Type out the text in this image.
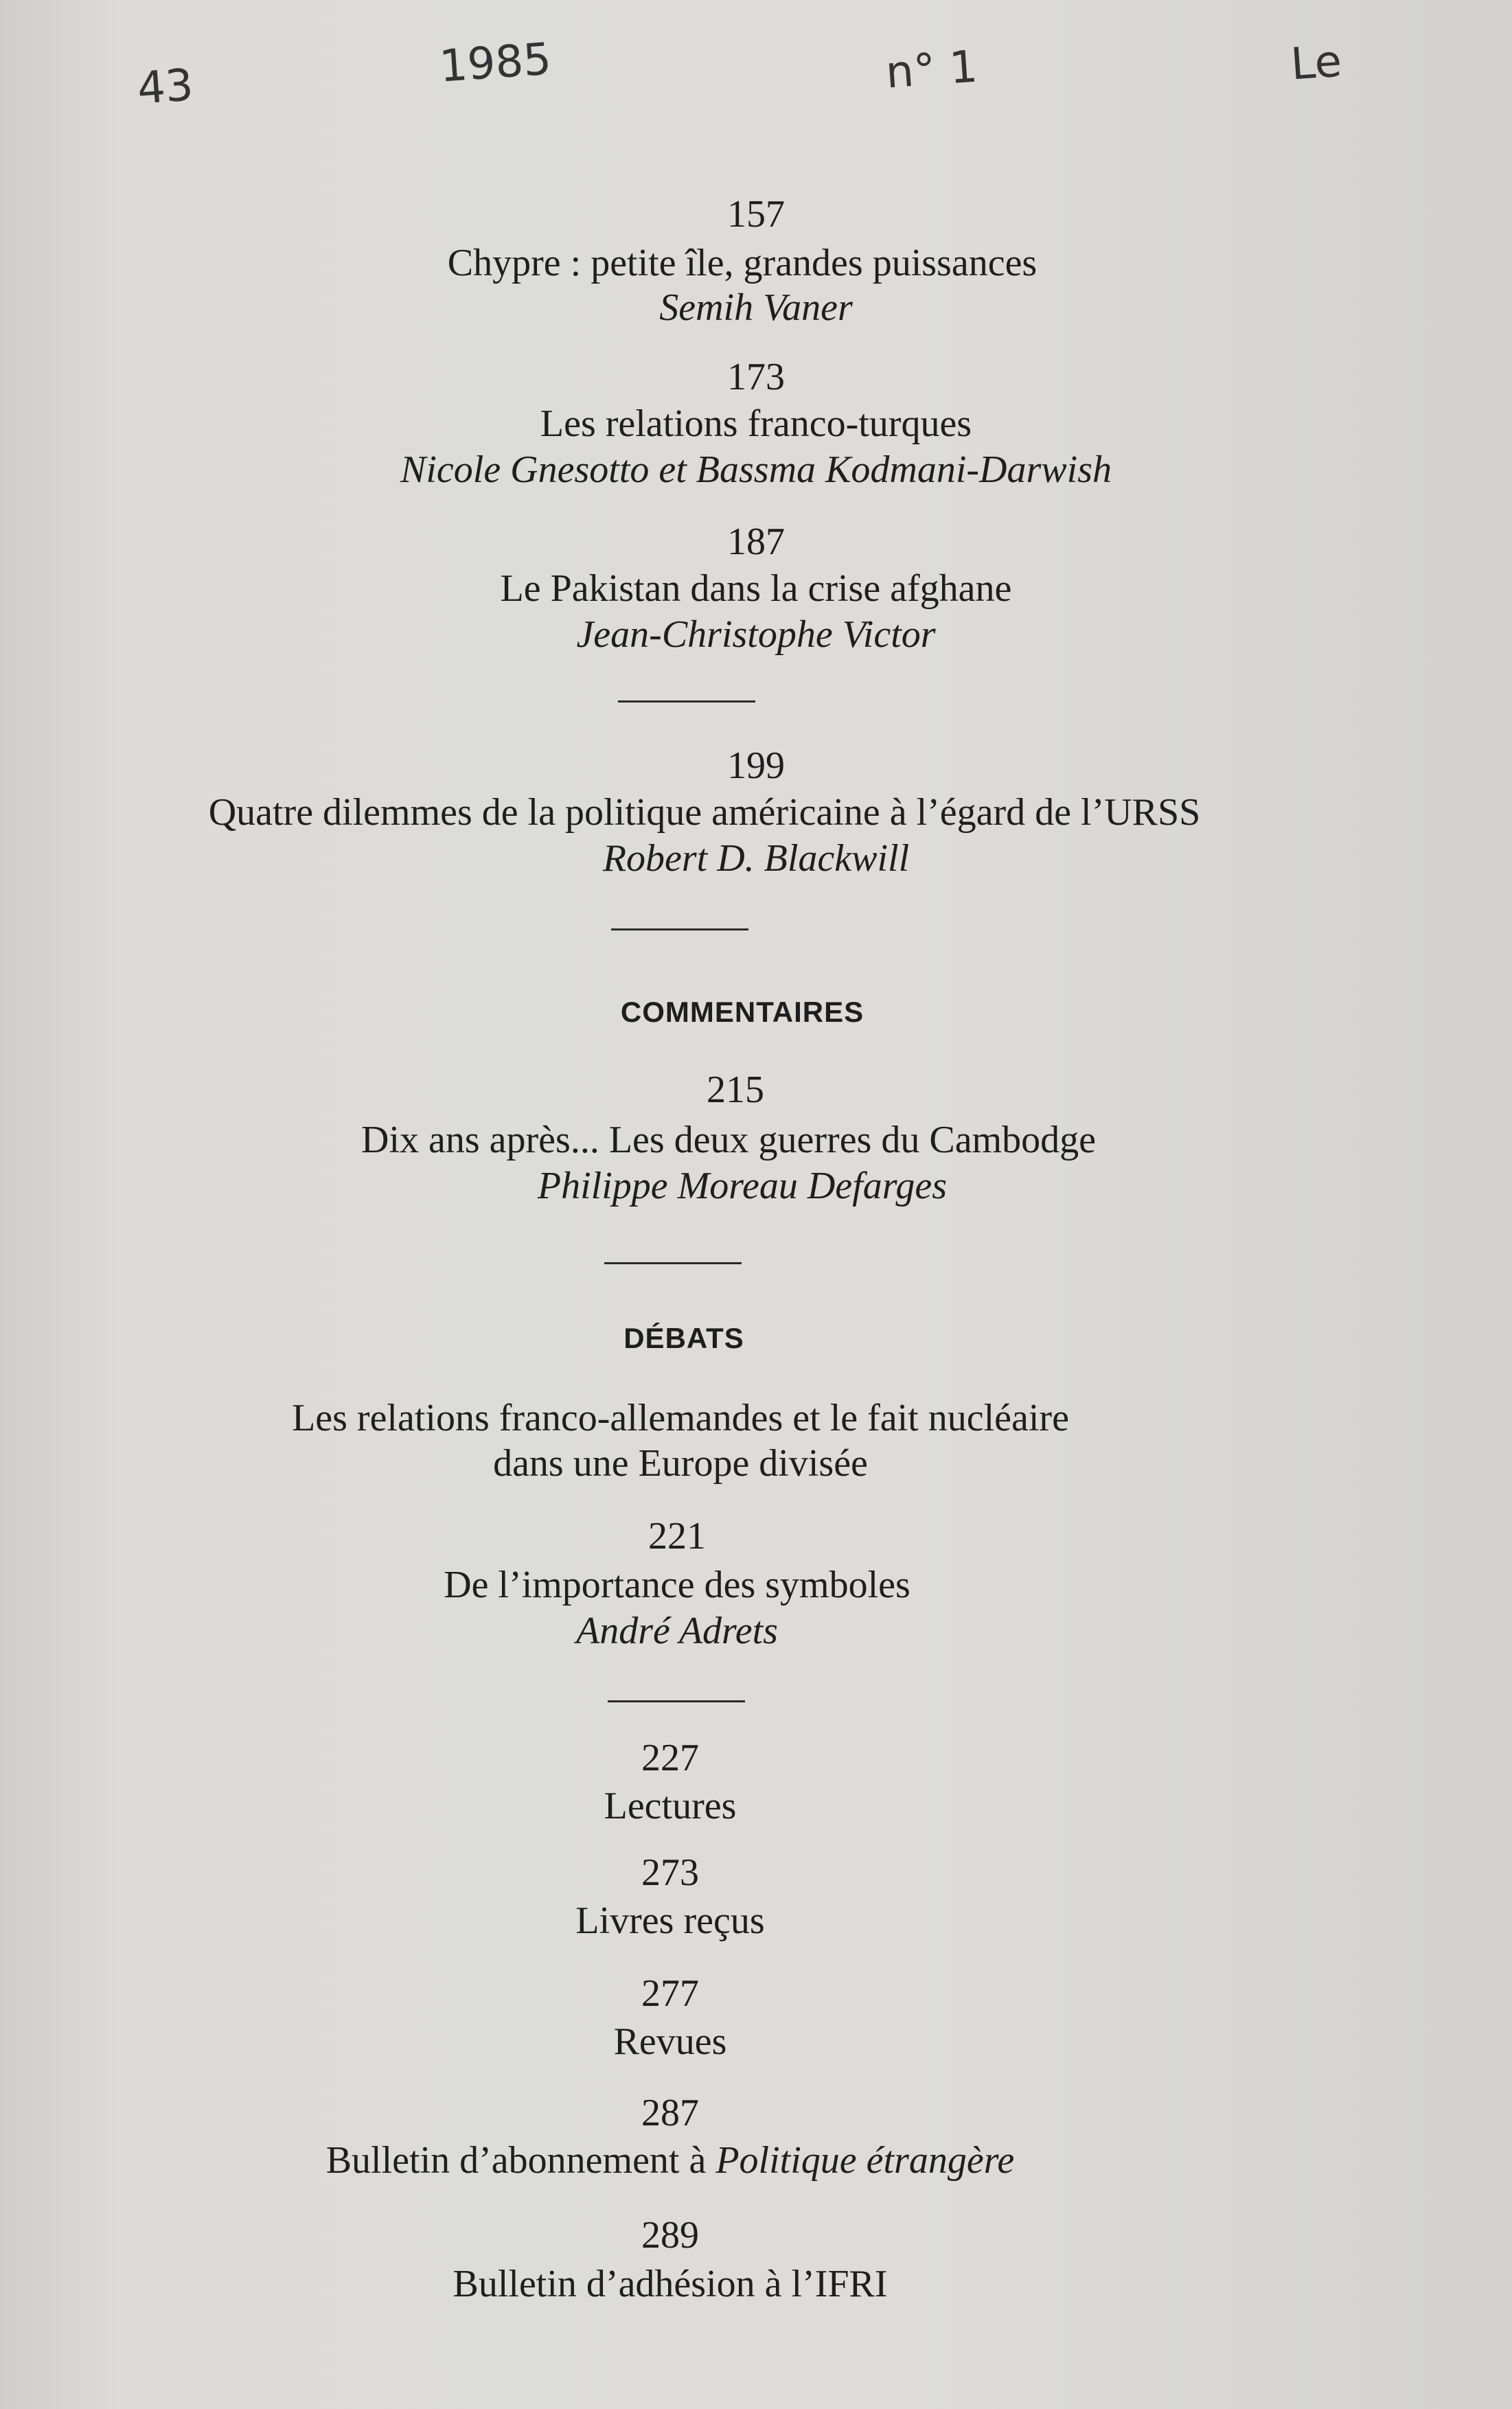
43	1985	n° 1	Le
157
Chypre : petite île, grandes puissances
Semih Vaner
173
Les relations franco-turques
Nicole Gnesotto et Bassma Kodmani-Darwish
187
Le Pakistan dans la crise afghane
Jean-Christophe Victor
199
Quatre dilemmes de la politique américaine à l’égard de l’URSS
Robert D. Blackwill
COMMENTAIRES
215
Dix ans après... Les deux guerres du Cambodge
Philippe Moreau Defarges
DÉBATS
Les relations franco-allemandes et le fait nucléaire
dans une Europe divisée
221
De l’importance des symboles
André Adrets
227
Lectures
273
Livres reçus
277
Revues
287
Bulletin d’abonnement à Politique étrangère
289
Bulletin d’adhésion à l’IFRI
